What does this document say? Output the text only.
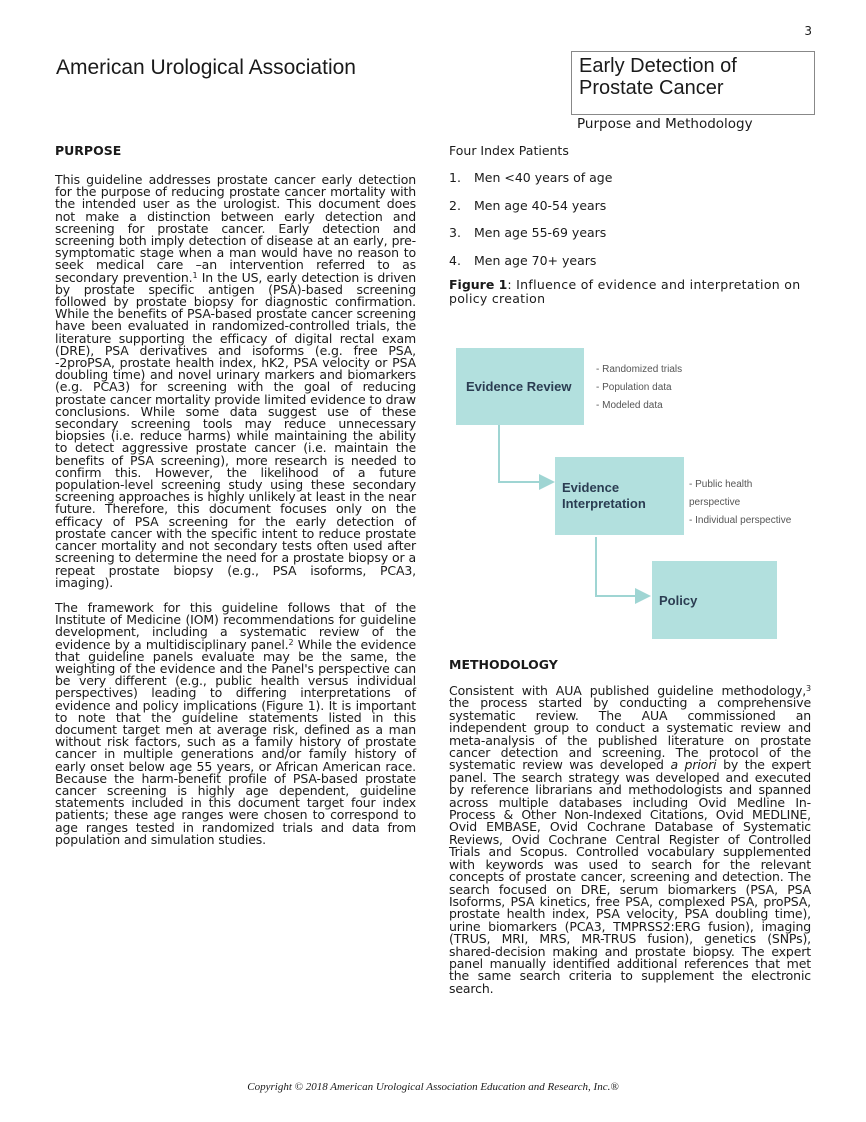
3
American Urological Association	Early Detection of
Prostate Cancer
Purpose and Methodology
PURPOSE

This guideline addresses prostate cancer early detection for the purpose of reducing prostate cancer mortality with the intended user as the urologist. This document does not make a distinction between early detection and screening for prostate cancer. Early detection and screening both imply detection of disease at an early, pre-symptomatic stage when a man would have no reason to seek medical care –an intervention referred to as secondary prevention.$^1$ In the US, early detection is driven by prostate specific antigen (PSA)-based screening followed by prostate biopsy for diagnostic confirmation. While the benefits of PSA-based prostate cancer screening have been evaluated in randomized-controlled trials, the literature supporting the efficacy of digital rectal exam (DRE), PSA derivatives and isoforms (e.g. free PSA, -2proPSA, prostate health index, hK2, PSA velocity or PSA doubling time) and novel urinary markers and biomarkers (e.g. PCA3) for screening with the goal of reducing prostate cancer mortality provide limited evidence to draw conclusions. While some data suggest use of these secondary screening tools may reduce unnecessary biopsies (i.e. reduce harms) while maintaining the ability to detect aggressive prostate cancer (i.e. maintain the benefits of PSA screening), more research is needed to confirm this. However, the likelihood of a future population-level screening study using these secondary screening approaches is highly unlikely at least in the near future. Therefore, this document focuses only on the efficacy of PSA screening for the early detection of prostate cancer with the specific intent to reduce prostate cancer mortality and not secondary tests often used after screening to determine the need for a prostate biopsy or a repeat prostate biopsy (e.g., PSA isoforms, PCA3, imaging).

The framework for this guideline follows that of the Institute of Medicine (IOM) recommendations for guideline development, including a systematic review of the evidence by a multidisciplinary panel.$^2$ While the evidence that guideline panels evaluate may be the same, the weighting of the evidence and the Panel's perspective can be very different (e.g., public health versus individual perspectives) leading to differing interpretations of evidence and policy implications (Figure 1). It is important to note that the guideline statements listed in this document target men at average risk, defined as a man without risk factors, such as a family history of prostate cancer in multiple generations and/or family history of early onset below age 55 years, or African American race. Because the harm-benefit profile of PSA-based prostate cancer screening is highly age dependent, guideline statements included in this document target four index patients; these age ranges were chosen to correspond to age ranges tested in randomized trials and data from population and simulation studies.

Four Index Patients

1. Men <40 years of age
2. Men age 40-54 years
3. Men age 55-69 years
4. Men age 70+ years

Figure 1: Influence of evidence and interpretation on policy creation

Evidence Review
- Randomized trials
- Population data
- Modeled data
Evidence
Interpretation
- Public health perspective
- Individual perspective
Policy
METHODOLOGY

Consistent with AUA published guideline methodology,$^3$ the process started by conducting a comprehensive systematic review. The AUA commissioned an independent group to conduct a systematic review and meta-analysis of the published literature on prostate cancer detection and screening. The protocol of the systematic review was developed a priori by the expert panel. The search strategy was developed and executed by reference librarians and methodologists and spanned across multiple databases including Ovid Medline In-Process & Other Non-Indexed Citations, Ovid MEDLINE, Ovid EMBASE, Ovid Cochrane Database of Systematic Reviews, Ovid Cochrane Central Register of Controlled Trials and Scopus. Controlled vocabulary supplemented with keywords was used to search for the relevant concepts of prostate cancer, screening and detection. The search focused on DRE, serum biomarkers (PSA, PSA Isoforms, PSA kinetics, free PSA, complexed PSA, proPSA, prostate health index, PSA velocity, PSA doubling time), urine biomarkers (PCA3, TMPRSS2:ERG fusion), imaging (TRUS, MRI, MRS, MR-TRUS fusion), genetics (SNPs), shared-decision making and prostate biopsy. The expert panel manually identified additional references that met the same search criteria to supplement the electronic search.

Copyright © 2018 American Urological Association Education and Research, Inc.®
